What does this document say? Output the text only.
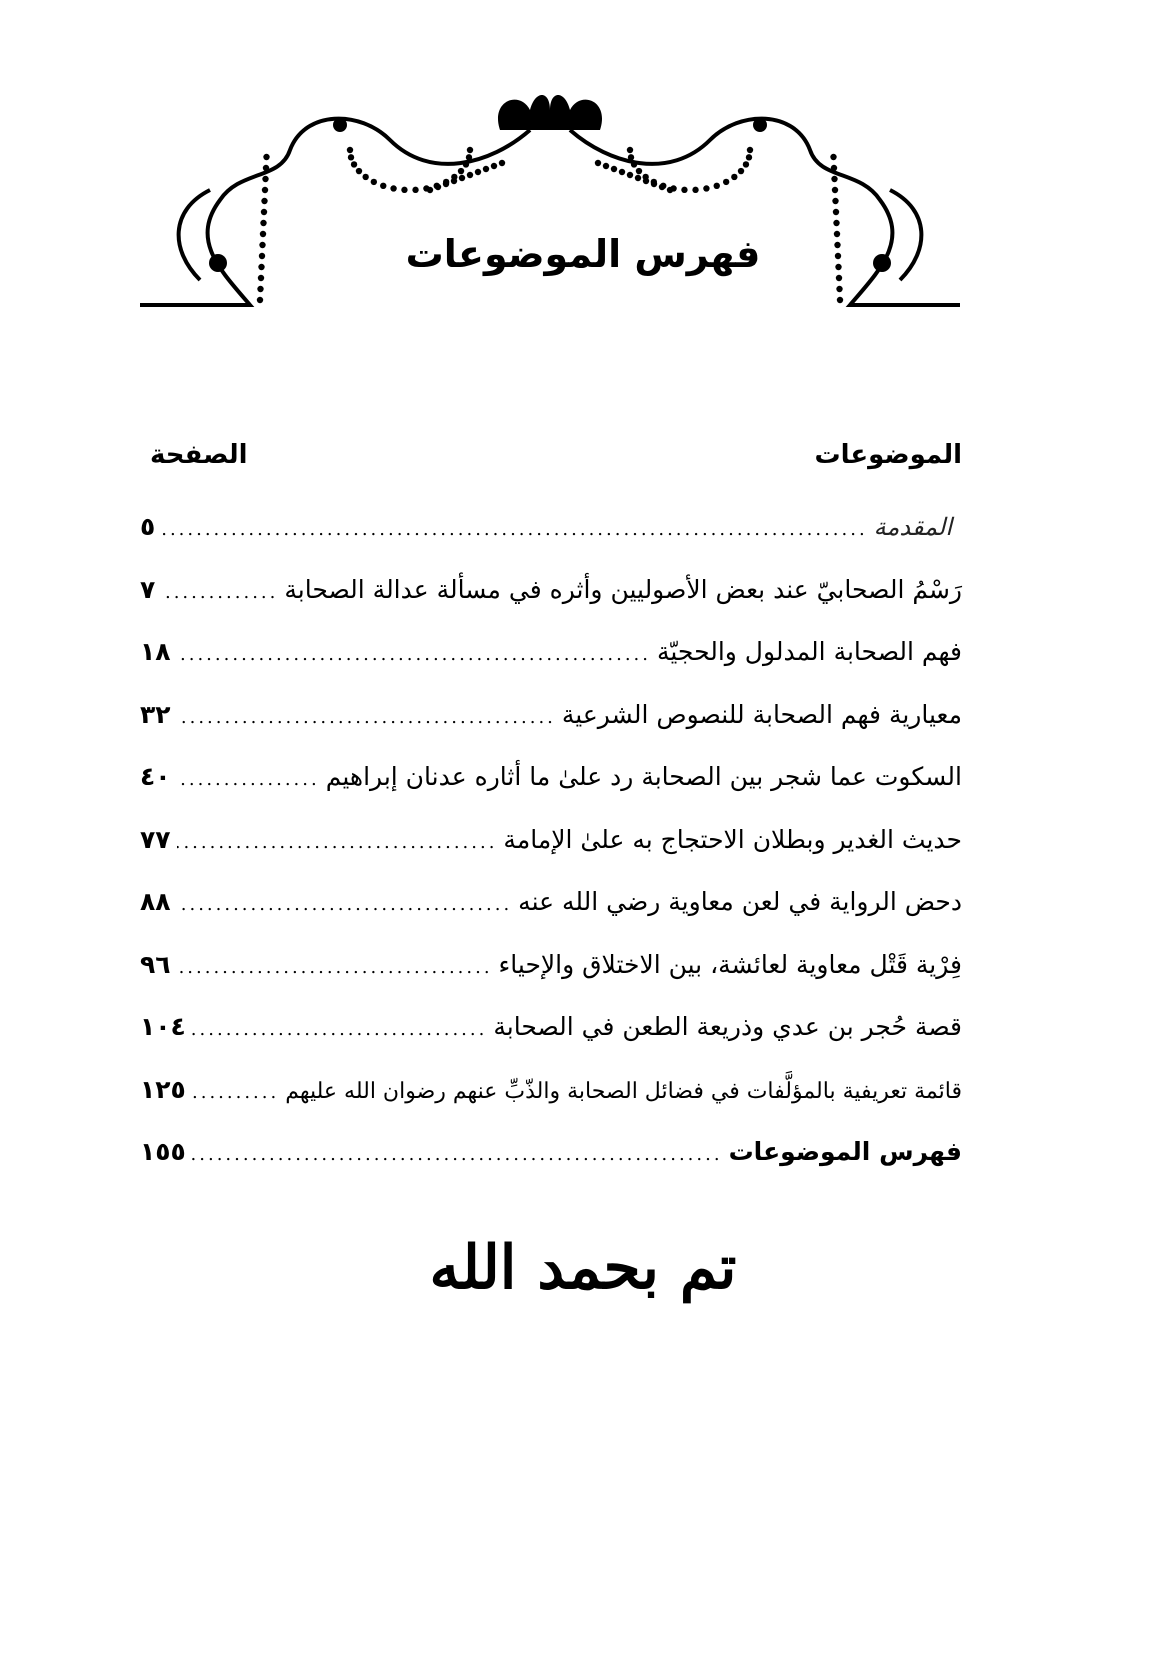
فهرس الموضوعات
الموضوعات
الصفحة
المقدمة
.....
٥
رَسْمُ الصحابيّ عند بعض الأصوليين وأثره في مسألة عدالة الصحابة
.....
٧
فهم الصحابة المدلول والحجيّة
.....
١٨
معيارية فهم الصحابة للنصوص الشرعية
.....
٣٢
السكوت عما شجر بين الصحابة رد علىٰ ما أثاره عدنان إبراهيم
.....
٤٠
حديث الغدير وبطلان الاحتجاج به علىٰ الإمامة
.....
٧٧
دحض الرواية في لعن معاوية رضي الله عنه
.....
٨٨
فِرْية قَتْل معاوية لعائشة، بين الاختلاق والإحياء
.....
٩٦
قصة حُجر بن عدي وذريعة الطعن في الصحابة
.....
١٠٤
قائمة تعريفية بالمؤلَّفات في فضائل الصحابة والذّبِّ عنهم رضوان الله عليهم
.....
١٢٥
فهرس الموضوعات
.....
١٥٥
تم بحمد الله
